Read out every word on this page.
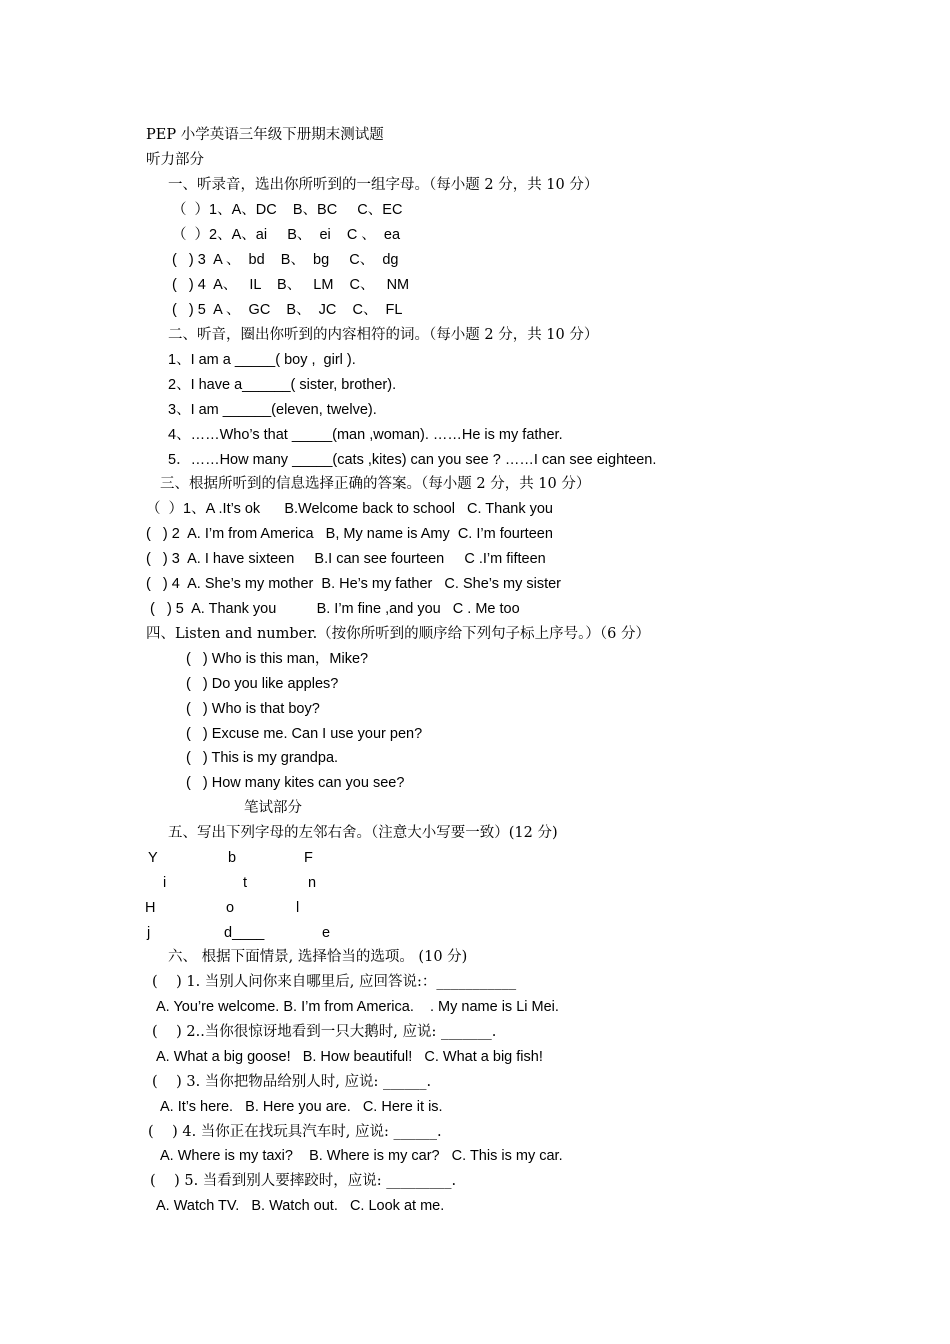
PEP 小学英语三年级下册期末测试题
听力部分
一、听录音，选出你所听到的一组字母。（每小题 2 分，共 10 分）
（  ）1、A、DC    B、BC     C、EC
（  ）2、A、ai     B、  ei    C 、  ea
(   ) 3  A 、  bd    B、  bg     C、  dg
(   ) 4  A、   IL    B、   LM    C、   NM
(   ) 5  A 、  GC    B、  JC    C、  FL
二、听音，圈出你听到的内容相符的词。（每小题 2 分，共 10 分）
1、I am a _____( boy ,  girl ).
2、I have a______( sister, brother).
3、I am ______(eleven, twelve).
4、……Who’s that _____(man ,woman). ……He is my father.
5．……How many _____(cats ,kites) can you see ? ……I can see eighteen.
三、根据所听到的信息选择正确的答案。（每小题 2 分，共 10 分）
（  ）1、A .It’s ok      B.Welcome back to school   C. Thank you
(   ) 2  A. I’m from America   B, My name is Amy  C. I’m fourteen
(   ) 3  A. I have sixteen     B.I can see fourteen     C .I’m fifteen
(   ) 4  A. She’s my mother  B. He’s my father   C. She’s my sister
(   ) 5  A. Thank you          B. I’m fine ,and you   C . Me too
四、Listen and number.（按你所听到的顺序给下列句子标上序号。）（6 分）
(   ) Who is this man，Mike?
(   ) Do you like apples?
(   ) Who is that boy?
(   ) Excuse me. Can I use your pen?
(   ) This is my grandpa.
(   ) How many kites can you see?
笔试部分
五、写出下列字母的左邻右舍。（注意大小写要一致）(12 分)
Y	b	F
i	t	n
H	o	l
j	d____	e
六、 根据下面情景, 选择恰当的选项。 (10 分)
(    ) 1. 当别人问你来自哪里后, 应回答说:：___________
A. You’re welcome. B. I’m from America.    . My name is Li Mei.
(    ) 2..当你很惊讶地看到一只大鹅时, 应说: _______.
A. What a big goose!   B. How beautiful!   C. What a big fish!
(    ) 3. 当你把物品给别人时, 应说: ______.
A. It’s here.   B. Here you are.   C. Here it is.
(    ) 4. 当你正在找玩具汽车时, 应说: ______.
A. Where is my taxi?    B. Where is my car?   C. This is my car.
(    ) 5. 当看到别人要摔跤时，应说: _________.
A. Watch TV.   B. Watch out.   C. Look at me.
